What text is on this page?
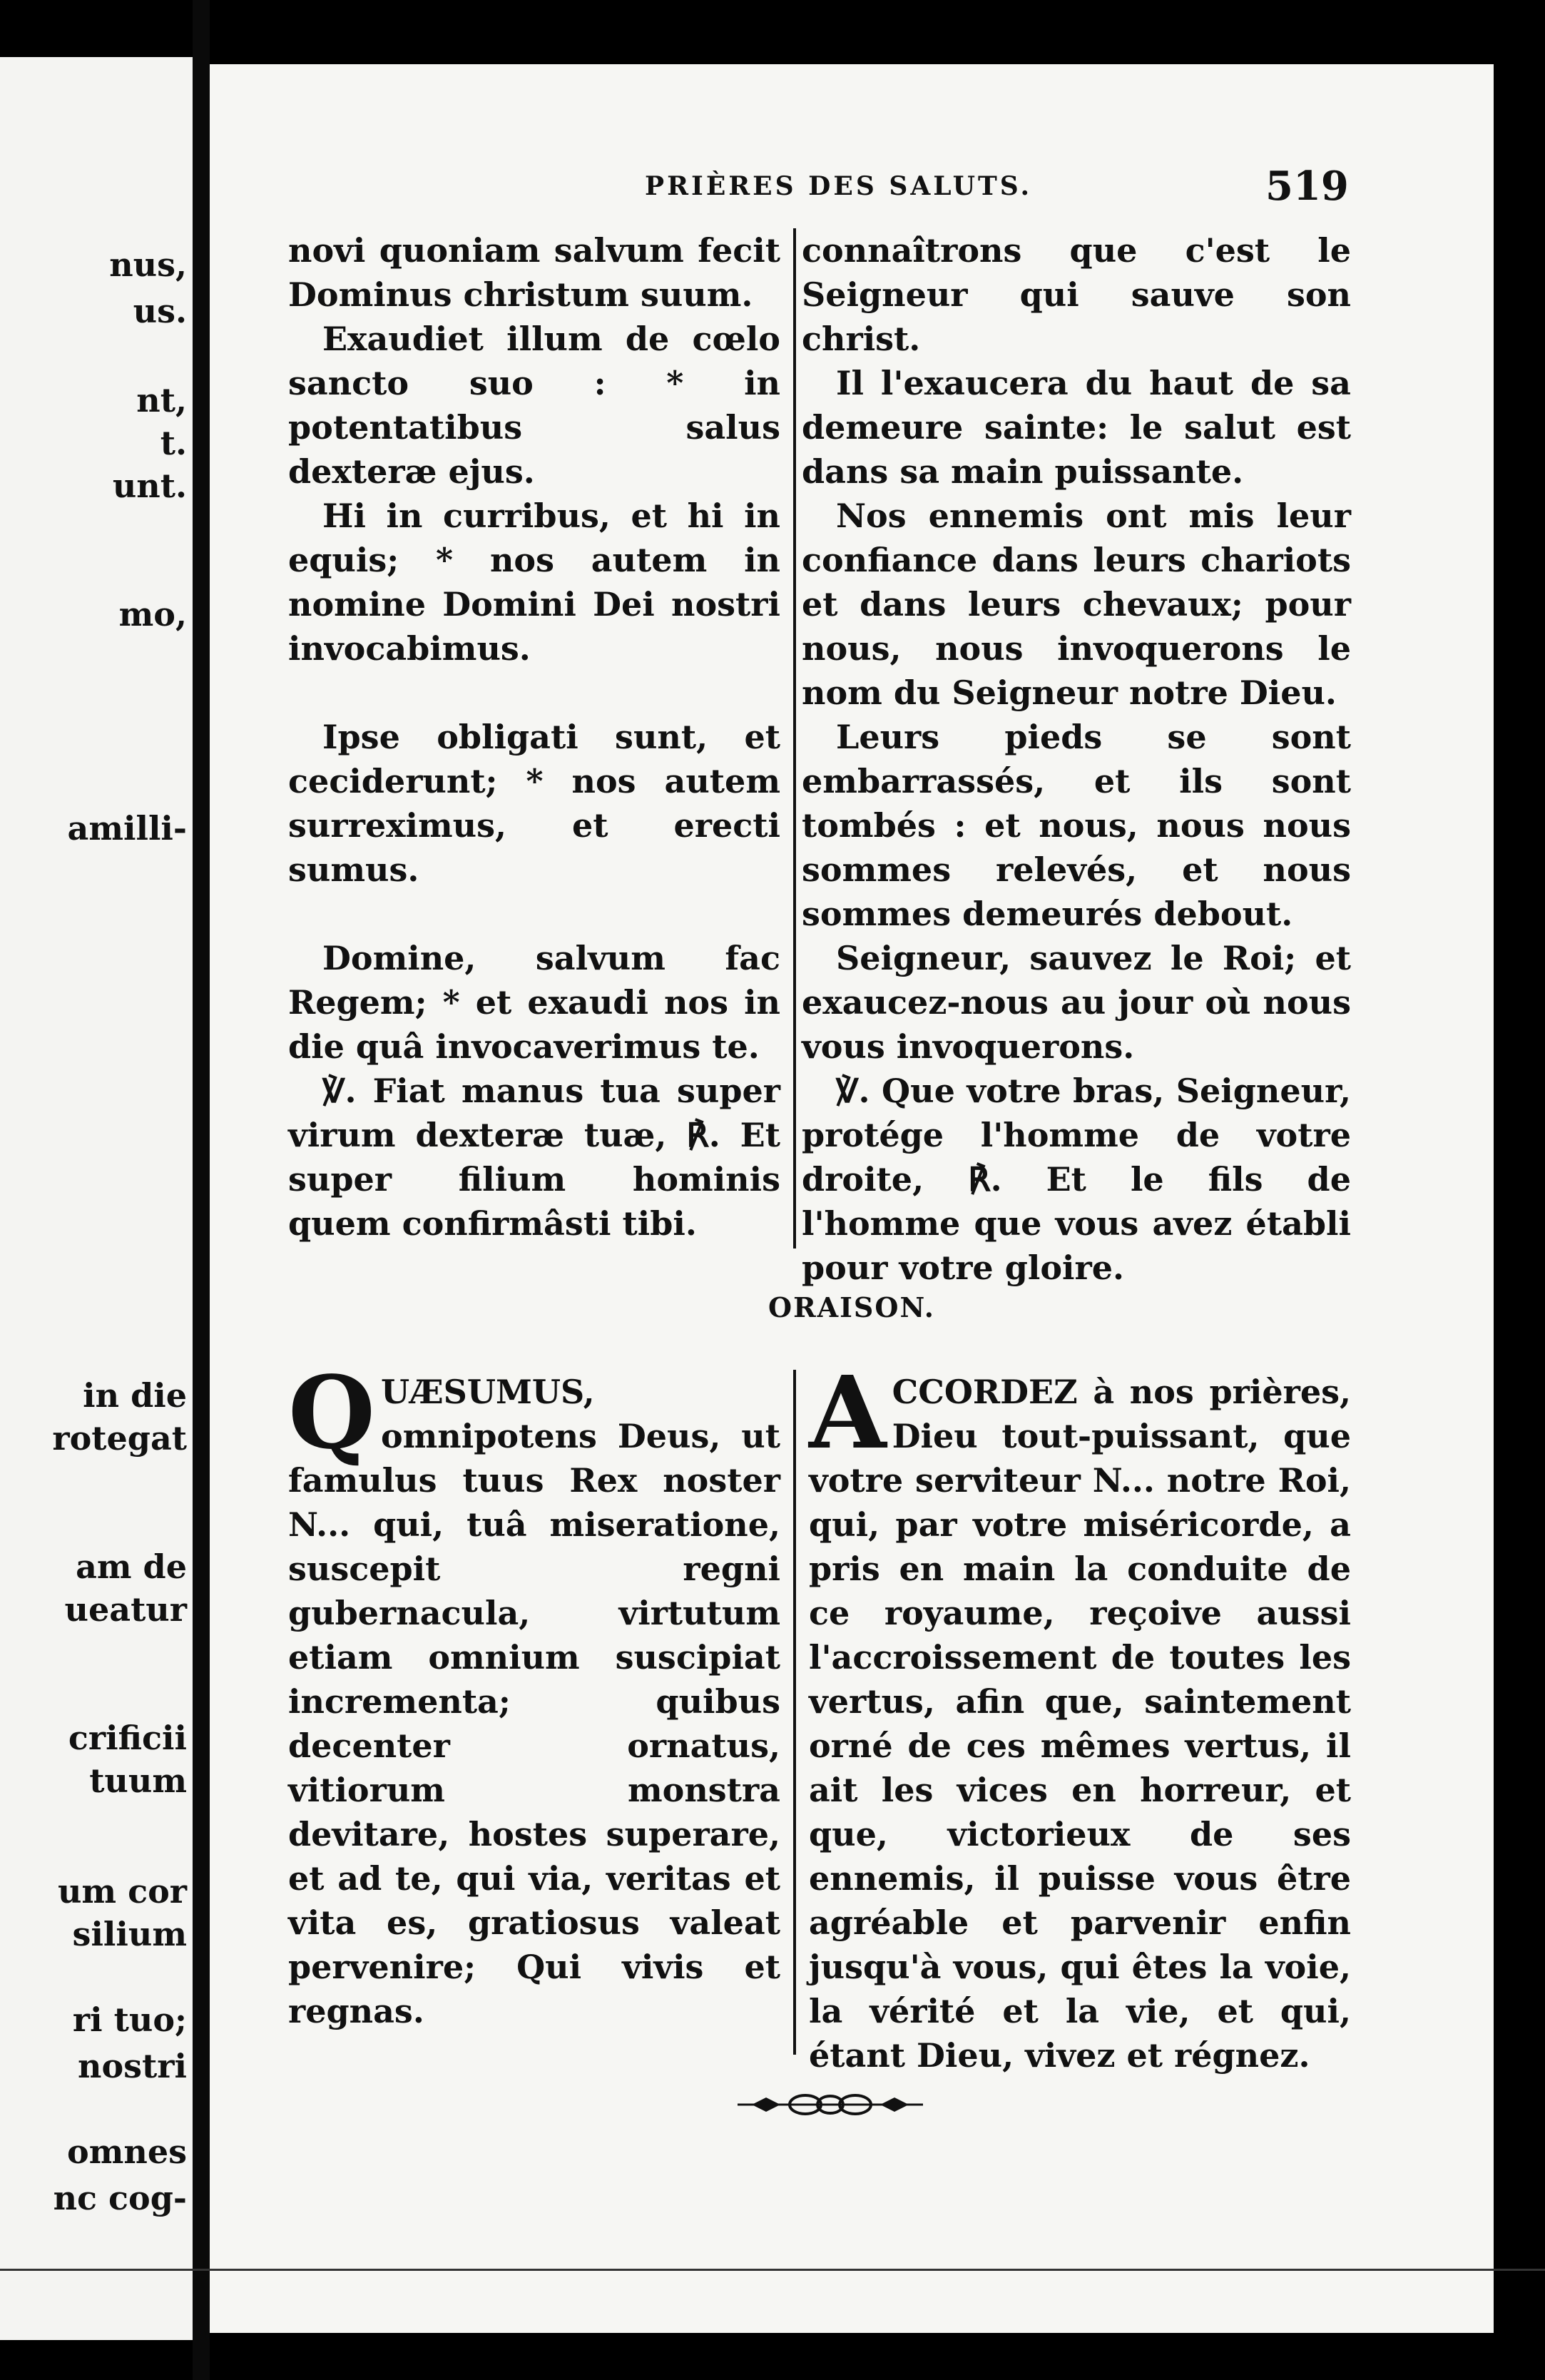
nus,
us.
nt,
t.
unt.
mo,
amilli-
in die
rotegat
am de
ueatur
crificii
tuum
um cor
silium
ri tuo;
nostri
omnes
nc cog-
PRIÈRES DES SALUTS.	519

novi quoniam salvum fecit Dominus christum suum.

Exaudiet illum de cœlo sancto suo : * in potentatibus salus dexteræ ejus.

Hi in curribus, et hi in equis; * nos autem in nomine Domini Dei nostri invocabimus.

Ipse obligati sunt, et ceciderunt; * nos autem surreximus, et erecti sumus.

Domine, salvum fac Regem; * et exaudi nos in die quâ invocaverimus te.

℣. Fiat manus tua super virum dexteræ tuæ, ℟. Et super filium hominis quem confirmâsti tibi.

connaîtrons que c'est le Seigneur qui sauve son christ.

Il l'exaucera du haut de sa demeure sainte: le salut est dans sa main puissante.

Nos ennemis ont mis leur confiance dans leurs chariots et dans leurs chevaux; pour nous, nous invoquerons le nom du Seigneur notre Dieu.

Leurs pieds se sont embarrassés, et ils sont tombés : et nous, nous nous sommes relevés, et nous sommes demeurés debout.

Seigneur, sauvez le Roi; et exaucez-nous au jour où nous vous invoquerons.

℣. Que votre bras, Seigneur, protége l'homme de votre droite, ℟. Et le fils de l'homme que vous avez établi pour votre gloire.

ORAISON.

QUÆSUMUS, omnipotens Deus, ut famulus tuus Rex noster N... qui, tuâ miseratione, suscepit regni gubernacula, virtutum etiam omnium suscipiat incrementa; quibus decenter ornatus, vitiorum monstra devitare, hostes superare, et ad te, qui via, veritas et vita es, gratiosus valeat pervenire; Qui vivis et regnas.

ACCORDEZ à nos prières, Dieu tout-puissant, que votre serviteur N... notre Roi, qui, par votre miséricorde, a pris en main la conduite de ce royaume, reçoive aussi l'accroissement de toutes les vertus, afin que, saintement orné de ces mêmes vertus, il ait les vices en horreur, et que, victorieux de ses ennemis, il puisse vous être agréable et parvenir enfin jusqu'à vous, qui êtes la voie, la vérité et la vie, et qui, étant Dieu, vivez et régnez.
